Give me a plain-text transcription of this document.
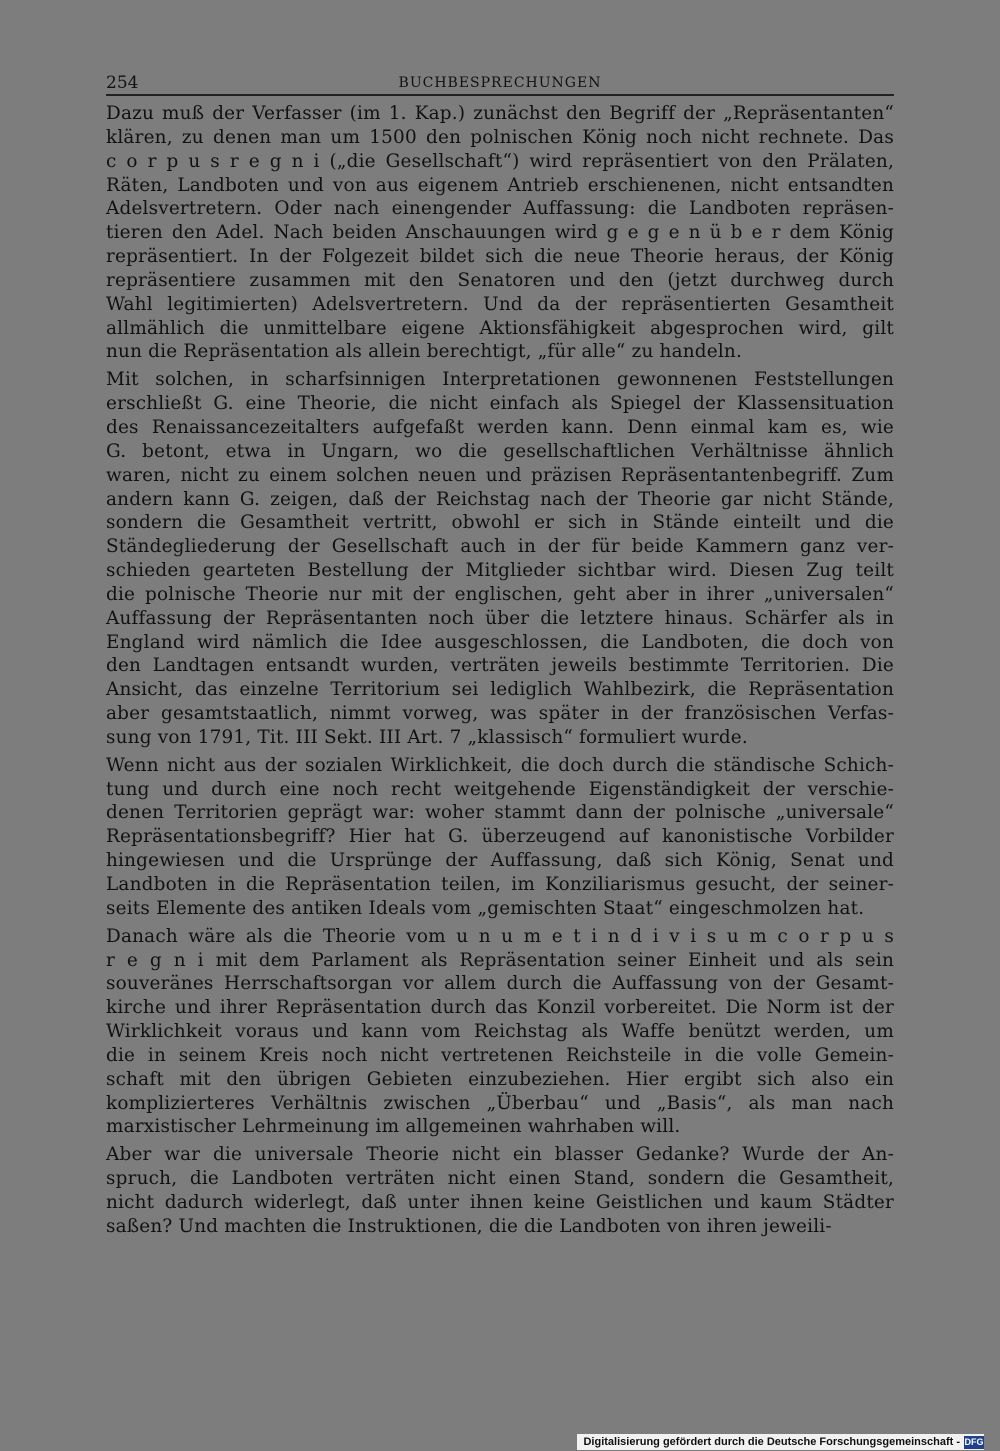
254	BUCHBESPRECHUNGEN
Dazu muß der Verfasser (im 1. Kap.) zunächst den Begriff der „Repräsentanten“
klären, zu denen man um 1500 den polnischen König noch nicht rechnete. Das
c o r p u s r e g n i („die Gesellschaft“) wird repräsentiert von den Prälaten,
Räten, Landboten und von aus eigenem Antrieb erschienenen, nicht entsandten
Adelsvertretern. Oder nach einengender Auffassung: die Landboten repräsen-
tieren den Adel. Nach beiden Anschauungen wird g e g e n ü b e r dem König
repräsentiert. In der Folgezeit bildet sich die neue Theorie heraus, der König
repräsentiere zusammen mit den Senatoren und den (jetzt durchweg durch
Wahl legitimierten) Adelsvertretern. Und da der repräsentierten Gesamtheit
allmählich die unmittelbare eigene Aktionsfähigkeit abgesprochen wird, gilt
nun die Repräsentation als allein berechtigt, „für alle“ zu handeln.
Mit solchen, in scharfsinnigen Interpretationen gewonnenen Feststellungen
erschließt G. eine Theorie, die nicht einfach als Spiegel der Klassensituation
des Renaissancezeitalters aufgefaßt werden kann. Denn einmal kam es, wie
G. betont, etwa in Ungarn, wo die gesellschaftlichen Verhältnisse ähnlich
waren, nicht zu einem solchen neuen und präzisen Repräsentantenbegriff. Zum
andern kann G. zeigen, daß der Reichstag nach der Theorie gar nicht Stände,
sondern die Gesamtheit vertritt, obwohl er sich in Stände einteilt und die
Ständegliederung der Gesellschaft auch in der für beide Kammern ganz ver-
schieden gearteten Bestellung der Mitglieder sichtbar wird. Diesen Zug teilt
die polnische Theorie nur mit der englischen, geht aber in ihrer „universalen“
Auffassung der Repräsentanten noch über die letztere hinaus. Schärfer als in
England wird nämlich die Idee ausgeschlossen, die Landboten, die doch von
den Landtagen entsandt wurden, verträten jeweils bestimmte Territorien. Die
Ansicht, das einzelne Territorium sei lediglich Wahlbezirk, die Repräsentation
aber gesamtstaatlich, nimmt vorweg, was später in der französischen Verfas-
sung von 1791, Tit. III Sekt. III Art. 7 „klassisch“ formuliert wurde.
Wenn nicht aus der sozialen Wirklichkeit, die doch durch die ständische Schich-
tung und durch eine noch recht weitgehende Eigenständigkeit der verschie-
denen Territorien geprägt war: woher stammt dann der polnische „universale“
Repräsentationsbegriff? Hier hat G. überzeugend auf kanonistische Vorbilder
hingewiesen und die Ursprünge der Auffassung, daß sich König, Senat und
Landboten in die Repräsentation teilen, im Konziliarismus gesucht, der seiner-
seits Elemente des antiken Ideals vom „gemischten Staat“ eingeschmolzen hat.
Danach wäre als die Theorie vom u n u m e t i n d i v i s u m c o r p u s
r e g n i mit dem Parlament als Repräsentation seiner Einheit und als sein
souveränes Herrschaftsorgan vor allem durch die Auffassung von der Gesamt-
kirche und ihrer Repräsentation durch das Konzil vorbereitet. Die Norm ist der
Wirklichkeit voraus und kann vom Reichstag als Waffe benützt werden, um
die in seinem Kreis noch nicht vertretenen Reichsteile in die volle Gemein-
schaft mit den übrigen Gebieten einzubeziehen. Hier ergibt sich also ein
komplizierteres Verhältnis zwischen „Überbau“ und „Basis“, als man nach
marxistischer Lehrmeinung im allgemeinen wahrhaben will.
Aber war die universale Theorie nicht ein blasser Gedanke? Wurde der An-
spruch, die Landboten verträten nicht einen Stand, sondern die Gesamtheit,
nicht dadurch widerlegt, daß unter ihnen keine Geistlichen und kaum Städter
saßen? Und machten die Instruktionen, die die Landboten von ihren jeweili-
Digitalisierung gefördert durch die Deutsche Forschungsgemeinschaft - DFG
